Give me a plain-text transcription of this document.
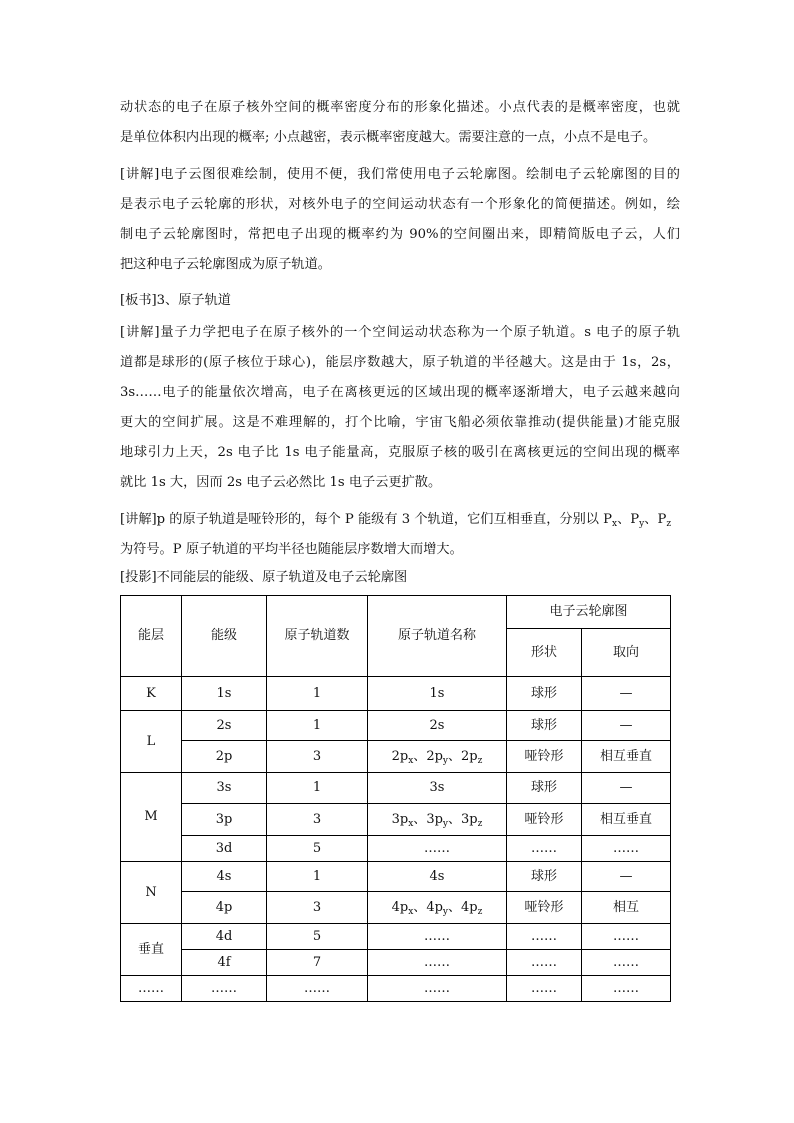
动状态的电子在原子核外空间的概率密度分布的形象化描述。小点代表的是概率密度，也就
是单位体积内出现的概率; 小点越密，表示概率密度越大。需要注意的一点，小点不是电子。
[讲解]电子云图很难绘制，使用不便，我们常使用电子云轮廓图。绘制电子云轮廓图的目的
是表示电子云轮廓的形状，对核外电子的空间运动状态有一个形象化的简便描述。例如，绘
制电子云轮廓图时，常把电子出现的概率约为 90%的空间圈出来，即精简版电子云，人们
把这种电子云轮廓图成为原子轨道。
[板书]3、原子轨道
[讲解]量子力学把电子在原子核外的一个空间运动状态称为一个原子轨道。s 电子的原子轨
道都是球形的(原子核位于球心)，能层序数越大，原子轨道的半径越大。这是由于 1s，2s，
3s……电子的能量依次增高，电子在离核更远的区域出现的概率逐渐增大，电子云越来越向
更大的空间扩展。这是不难理解的，打个比喻，宇宙飞船必须依靠推动(提供能量)才能克服
地球引力上天，2s 电子比 1s 电子能量高，克服原子核的吸引在离核更远的空间出现的概率
就比 1s 大，因而 2s 电子云必然比 1s 电子云更扩散。
[讲解]p 的原子轨道是哑铃形的，每个 P 能级有 3 个轨道，它们互相垂直，分别以 $P_x$、$P_y$、$P_z$
为符号。P 原子轨道的平均半径也随能层序数增大而增大。
[投影]不同能层的能级、原子轨道及电子云轮廓图
能层	能级	原子轨道数	原子轨道名称	电子云轮廓图	
				形状	取向
K	1s	1	1s	球形	—
L	2s	1	2s	球形	—
	2p	3	$2p_x$、$2p_y$、$2p_z$	哑铃形	相互垂直
M	3s	1	3s	球形	—
	3p	3	$3p_x$、$3p_y$、$3p_z$	哑铃形	相互垂直
	3d	5	……	……	……
N	4s	1	4s	球形	—
	4p	3	$4p_x$、$4p_y$、$4p_z$	哑铃形	相互
垂直	4d	5	……	……	……
	4f	7	……	……	……
……	……	……	……	……	……
